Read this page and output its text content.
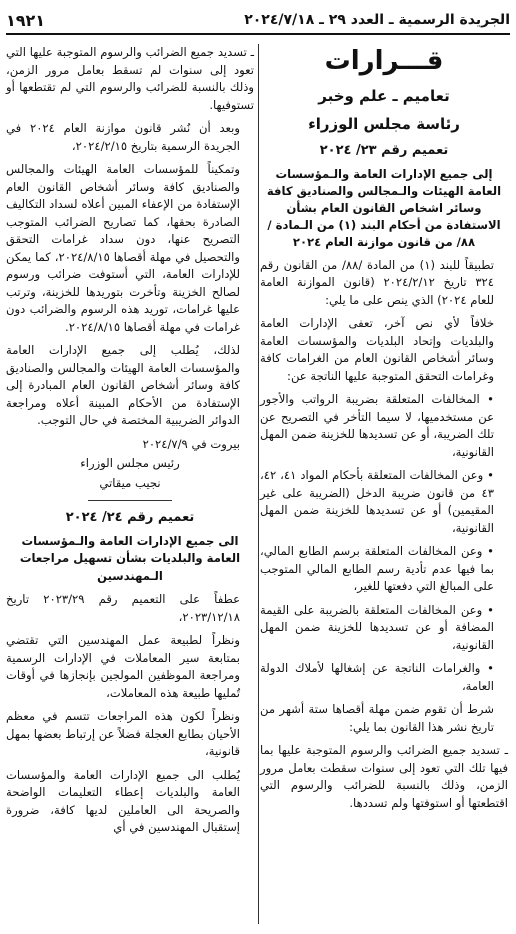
الجريدة الرسمية ـ العدد ٢٩ ـ ٢٠٢٤/٧/١٨
١٩٢١
قـــرارات
تعاميم ـ علم وخبر
رئاسة مجلس الوزراء
تعميم رقم ٢٣/ ٢٠٢٤
إلى جميع الإدارات العامة والـمؤسسات العامة الهيئات والـمجالس والصناديق كافة وسائر اشخاص القانون العام بشأن الاستفادة من أحكام البند (١) من الـمادة /٨٨/ من قانون موازنة العام ٢٠٢٤
تطبيقاً للبند (١) من المادة /٨٨/ من القانون رقم ٣٢٤ تاريخ ٢٠٢٤/٢/١٢ (قانون الموازنة العامة للعام ٢٠٢٤) الذي ينص على ما يلي:
خلافاً لأي نص آخر، تعفى الإدارات العامة والبلديات وإتحاد البلديات والمؤسسات العامة وسائر أشخاص القانون العام من الغرامات كافة وغرامات التحقق المتوجبة عليها الناتجة عن:
• المخالفات المتعلقة بضريبة الرواتب والأجور عن مستخدميها، لا سيما التأخر في التصريح عن تلك الضريبة، أو عن تسديدها للخزينة ضمن المهل القانونية،
• وعن المخالفات المتعلقة بأحكام المواد ٤١، ٤٢، ٤٣ من قانون ضريبة الدخل (الضريبة على غير المقيمين) أو عن تسديدها للخزينة ضمن المهل القانونية،
• وعن المخالفات المتعلقة برسم الطابع المالي، بما فيها عدم تأدية رسم الطابع المالي المتوجب على المبالغ التي دفعتها للغير،
• وعن المخالفات المتعلقة بالضريبة على القيمة المضافة أو عن تسديدها للخزينة ضمن المهل القانونية،
• والغرامات الناتجة عن إشغالها لأملاك الدولة العامة،
شرط أن تقوم ضمن مهلة أقصاها ستة أشهر من تاريخ نشر هذا القانون بما يلي:
ـ تسديد جميع الضرائب والرسوم المتوجبة عليها بما فيها تلك التي تعود إلى سنوات سقطت بعامل مرور الزمن، وذلك بالنسبة للضرائب والرسوم التي اقتطعتها أو استوفتها ولم تسددها.
ـ تسديد جميع الضرائب والرسوم المتوجبة عليها التي تعود إلى سنوات لم تسقط بعامل مرور الزمن، وذلك بالنسبة للضرائب والرسوم التي لم تقتطعها أو تستوفيها.
وبعد أن نُشر قانون موازنة العام ٢٠٢٤ في الجريدة الرسمية بتاريخ ٢٠٢٤/٢/١٥،
وتمكيناً للمؤسسات العامة الهيئات والمجالس والصناديق كافة وسائر أشخاص القانون العام الإستفادة من الإعفاء المبين أعلاه لسداد التكاليف الصادرة بحقها، كما تصاريح الضرائب المتوجب التصريح عنها، دون سداد غرامات التحقق والتحصيل في مهلة أقصاها ٢٠٢٤/٨/١٥، كما يمكن للإدارات العامة، التي أستوفت ضرائب ورسوم لصالح الخزينة وتأخرت بتوريدها للخزينة، وترتب عليها غرامات، توريد هذه الرسوم والضرائب دون غرامات في مهلة أقصاها ٢٠٢٤/٨/١٥.
لذلك، يُطلب إلى جميع الإدارات العامة والمؤسسات العامة الهيئات والمجالس والصناديق كافة وسائر أشخاص القانون العام المبادرة إلى الإستفادة من الأحكام المبينة أعلاه ومراجعة الدوائر الضريبية المختصة في حال التوجب.
بيروت في ٢٠٢٤/٧/٩
رئيس مجلس الوزراء
نجيب ميقاتي
تعميم رقم ٢٤/ ٢٠٢٤
الى جميع الإدارات العامة والـمؤسسات العامة والبلديات بشأن تسهيل مراجعات الـمهندسين
عطفاً على التعميم رقم ٢٠٢٣/٢٩ تاريخ ٢٠٢٣/١٢/١٨،
ونظراً لطبيعة عمل المهندسين التي تقتضي بمتابعة سير المعاملات في الإدارات الرسمية ومراجعة الموظفين المولجين بإنجازها في أوقات تُمليها طبيعة هذه المعاملات،
ونظراً لكون هذه المراجعات تتسم في معظم الأحيان بطابع العجلة فضلاً عن إرتباط بعضها بمهل قانونية،
يُطلب الى جميع الإدارات العامة والمؤسسات العامة والبلديات إعطاء التعليمات الواضحة والصريحة الى العاملين لديها كافة، ضرورة إستقبال المهندسين في أي
